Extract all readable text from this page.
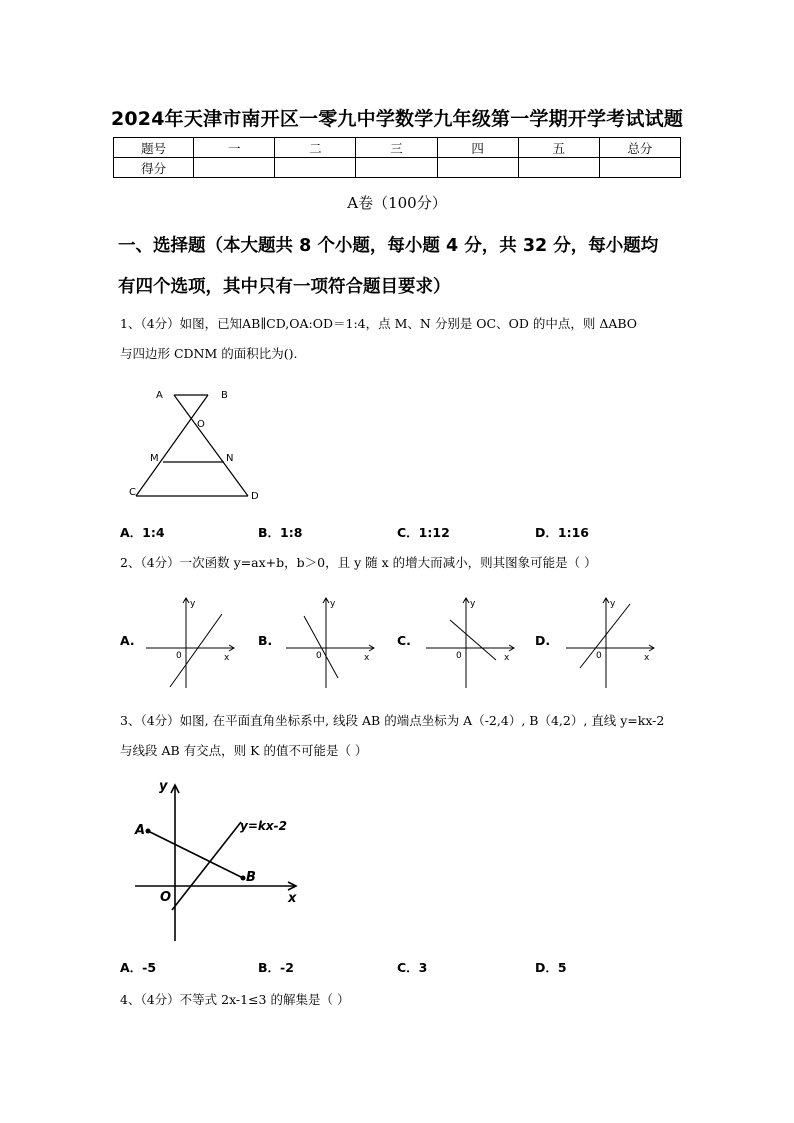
2024年天津市南开区一零九中学数学九年级第一学期开学考试试题
题号	一	二	三	四	五	总分
得分						
A卷（100分）
一、选择题（本大题共 8 个小题，每小题 4 分，共 32 分，每小题均
有四个选项，其中只有一项符合题目要求）
1、（4分）如图，已知AB∥CD,OA:OD＝1:4，点 M、N 分别是 OC、OD 的中点，则 ΔABO
与四边形 CDNM 的面积比为().
A	B
O
M	N
C	D
A．1:4	B．1:8	C．1:12	D．1:16
2、（4分）一次函数 y=ax+b，b＞0，且 y 随 x 的增大而减小，则其图象可能是（ ）
A.
y
x
0
B.
y
x
0
C.
y
x
0
D.
y
x
0
3、（4分）如图, 在平面直角坐标系中, 线段 AB 的端点坐标为 A（-2,4）, B（4,2）, 直线 y=kx-2
与线段 AB 有交点，则 K 的值不可能是（ ）
y
x
O
A
B
y=kx-2
A．-5	B．-2	C．3	D．5
4、（4分）不等式 2x-1≤3 的解集是（ ）
